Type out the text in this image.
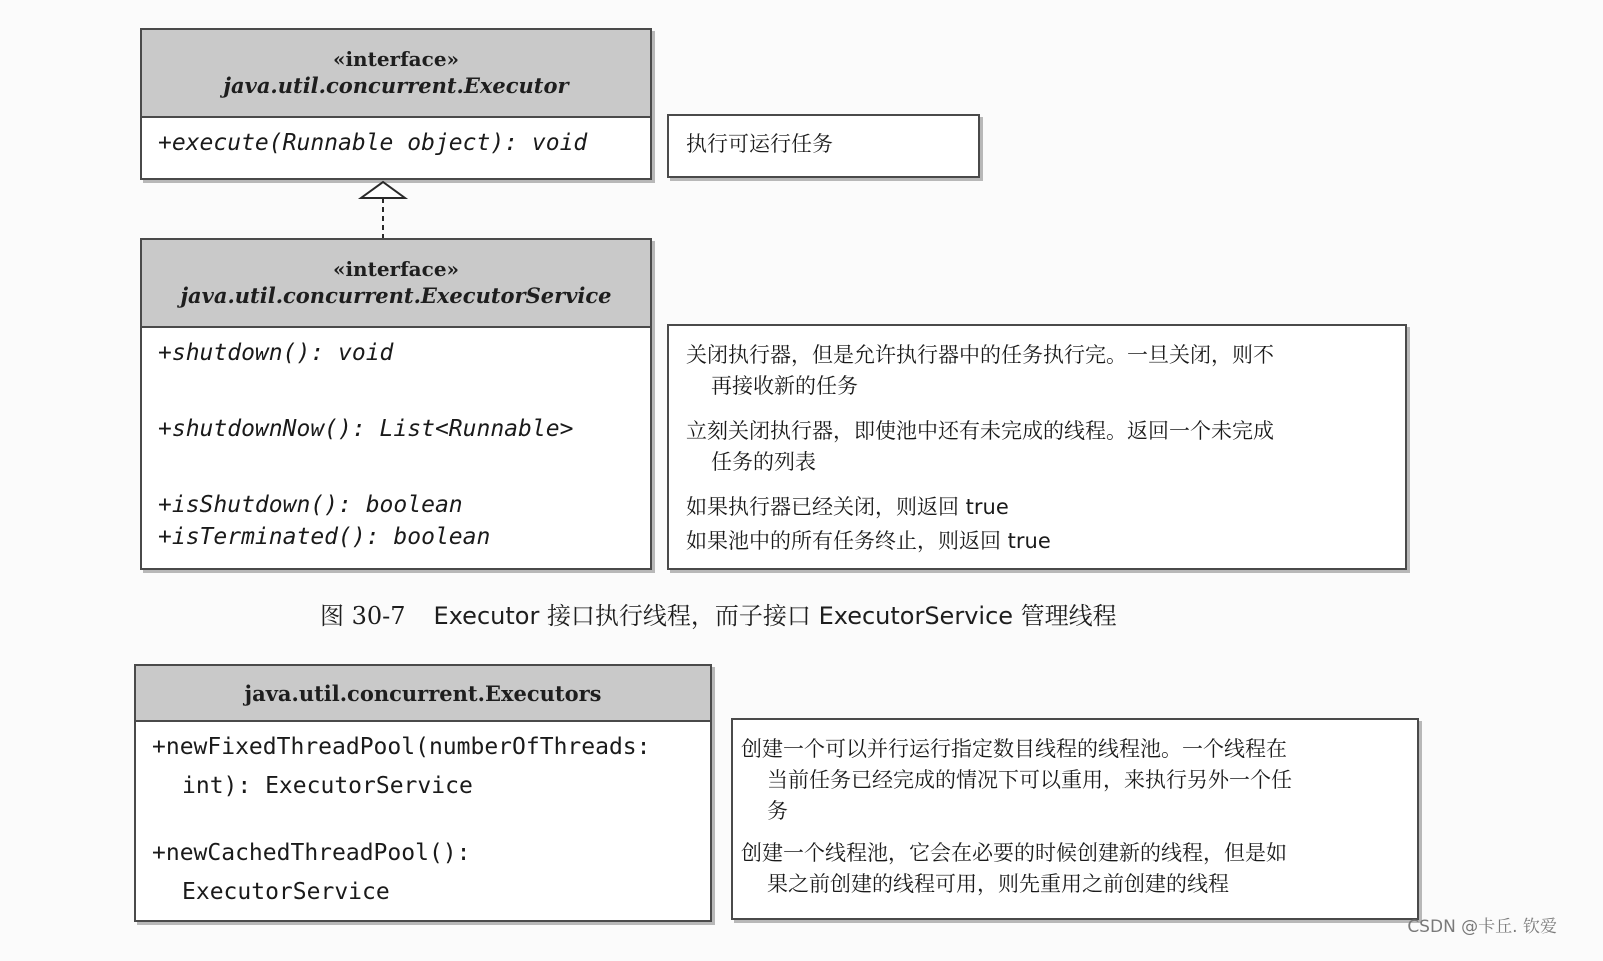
«interface»
java.util.concurrent.Executor
+execute(Runnable object): void	执行可运行任务
«interface»
java.util.concurrent.ExecutorService
+shutdown(): void
+shutdownNow(): List<Runnable>
+isShutdown(): boolean
+isTerminated(): boolean
关闭执行器，但是允许执行器中的任务执行完。一旦关闭，则不
再接收新的任务
立刻关闭执行器，即使池中还有未完成的线程。返回一个未完成
任务的列表
如果执行器已经关闭，则返回 true
如果池中的所有任务终止，则返回 true
图 30-7 Executor 接口执行线程，而子接口 ExecutorService 管理线程
java.util.concurrent.Executors
+newFixedThreadPool(numberOfThreads:
int): ExecutorService
+newCachedThreadPool():
ExecutorService
创建一个可以并行运行指定数目线程的线程池。一个线程在
当前任务已经完成的情况下可以重用，来执行另外一个任
务
创建一个线程池，它会在必要的时候创建新的线程，但是如
果之前创建的线程可用，则先重用之前创建的线程
CSDN @卡丘. 钦爱
